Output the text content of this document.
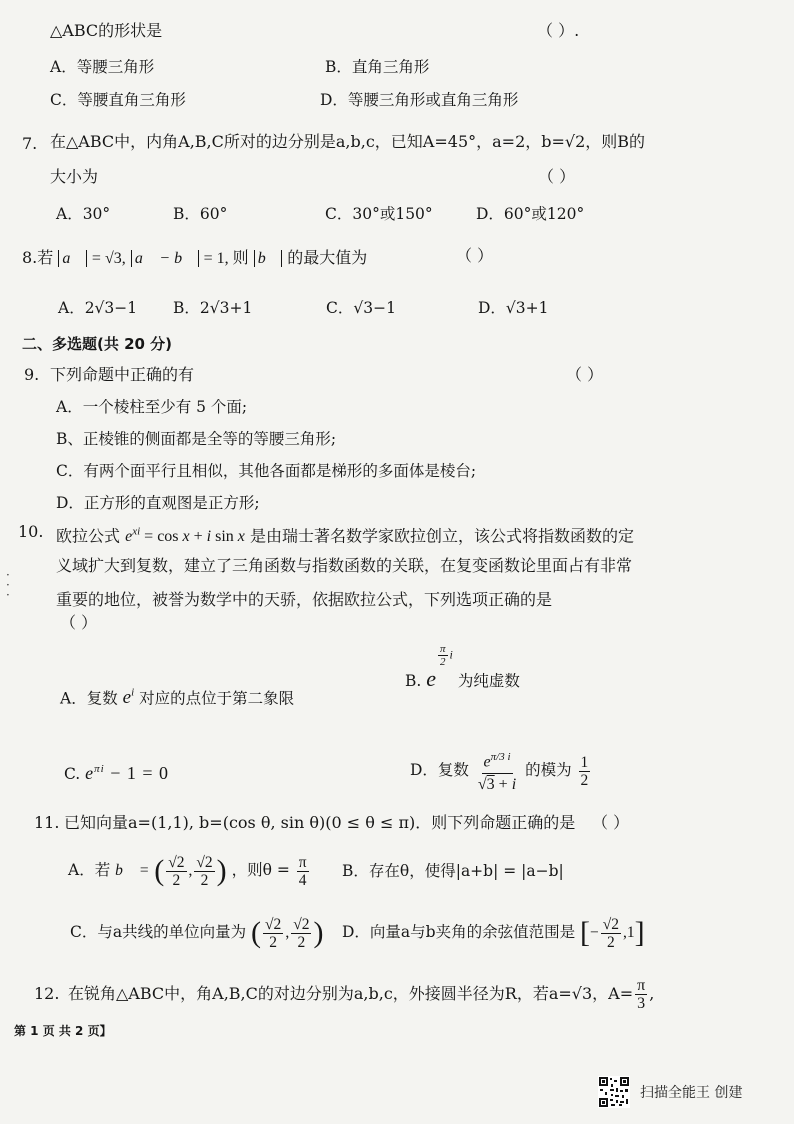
△ABC的形状是	（ ）.
A．等腰三角形	B．直角三角形
C．等腰直角三角形	D．等腰三角形或直角三角形
7. 在△ABC中，内角A,B,C所对的边分别是a,b,c，已知A=45°，a=2，b=√2，则B的
大小为	（ ）
A．30°	B．60°	C．30°或150°	D．60°或120°
8.若 a⃗ = √3, a⃗ − b⃗ = 1, 则 b⃗ 的最大值为	（ ）
A．2√3−1 B．2√3+1	C．√3−1	D．√3+1
二、多选题(共 20 分)
9. 下列命题中正确的有	（ ）
A．一个棱柱至少有 5 个面;
B、正棱锥的侧面都是全等的等腰三角形;
C．有两个面平行且相似，其他各面都是梯形的多面体是棱台;
D．正方形的直观图是正方形;
10. 欧拉公式 $e^{xi} = \cos x + i$ sin x 是由瑞士著名数学家欧拉创立，该公式将指数函数的定
义域扩大到复数，建立了三角函数与指数函数的关联，在复变函数论里面占有非常
重要的地位，被誉为数学中的天骄，依据欧拉公式，下列选项正确的是
（ ）
A．复数 $e^i$ 对应的点位于第二象限
B. e
$\frac{\pi}{2}$ i 为纯虚数
C. $e^{\pi i} - 1 = 0$	D．复数 $\frac{e^{\pi/3 i}}{√3 + i}$ 的模为 $\frac{1}{2}$
11. 已知向量a=(1,1), b=(cos θ, sin θ)(0 ≤ θ ≤ π)．则下列命题正确的是 （ ）
A．若 b⃗ = ( $\frac{√2}{2}$ , $\frac{√2}{2}$ ) ，则$\theta = \frac{\pi}{4}$ B．存在θ，使得|a+b| = |a−b|
C．与a共线的单位向量为 ( $\frac{√2}{2}$ , $\frac{√2}{2}$ ) D．向量a与b夹角的余弦值范围是 [− $\frac{√2}{2} ,1$]
12. 在锐角△ABC中，角A,B,C的对边分别为a,b,c，外接圆半径为R，若a=√3，$A= \frac{\pi}{3}$ ,
第 1 页 共 2 页】
扫描全能王 创建
·
·
·
